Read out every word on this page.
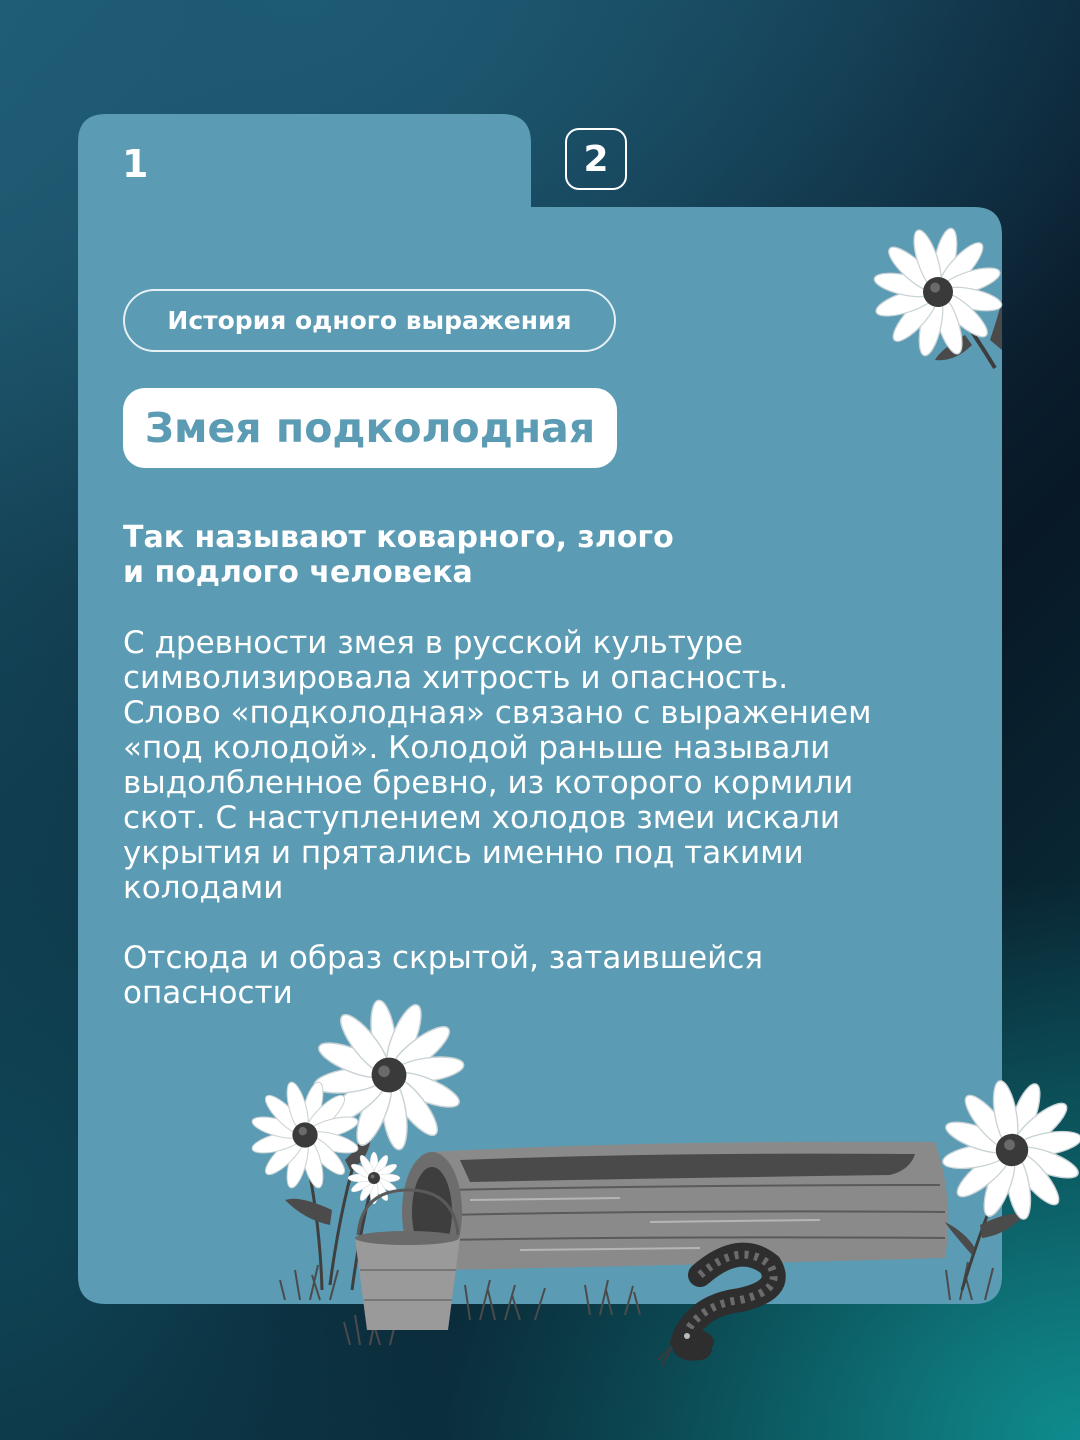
1	2
История одного выражения
Змея подколодная
Так называют коварного, злого
и подлого человека
С древности змея в русской культуре
символизировала хитрость и опасность.
Слово «подколодная» связано с выражением
«под колодой». Колодой раньше называли
выдолбленное бревно, из которого кормили
скот. С наступлением холодов змеи искали
укрытия и прятались именно под такими
колодами
Отсюда и образ скрытой, затаившейся
опасности
